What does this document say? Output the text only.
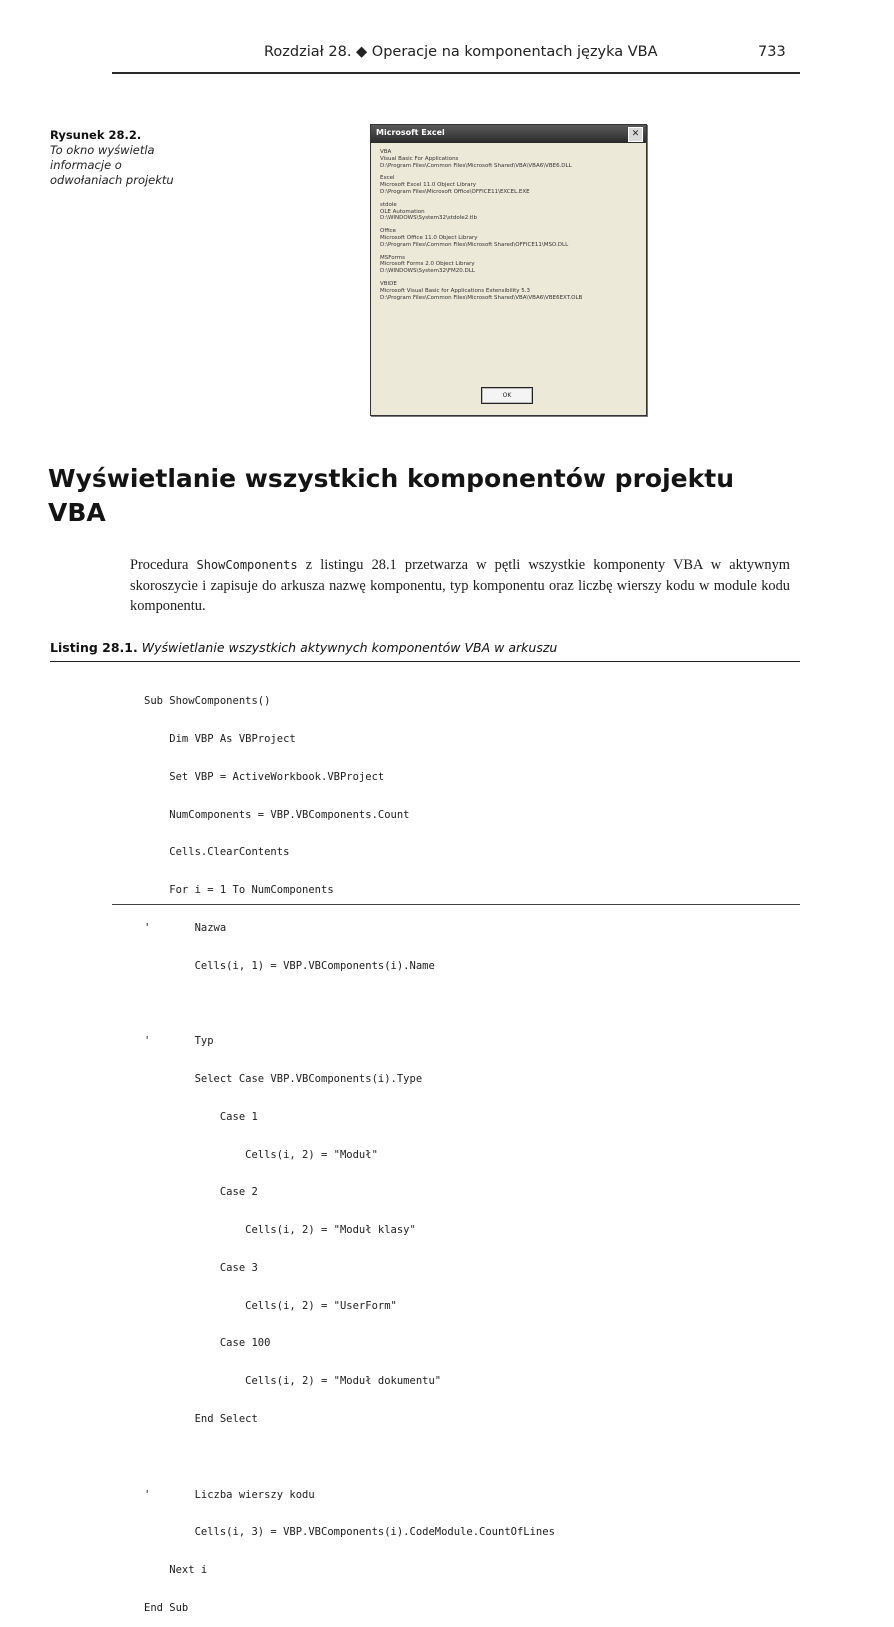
Rozdział 28. ◆ Operacje na komponentach języka VBA	733
Rysunek 28.2.
To okno wyświetla informacje o odwołaniach projektu
Microsoft Excel	✕
VBA
Visual Basic For Applications
D:\Program Files\Common Files\Microsoft Shared\VBA\VBA6\VBE6.DLL
Excel
Microsoft Excel 11.0 Object Library
D:\Program Files\Microsoft Office\OFFICE11\EXCEL.EXE
stdole
OLE Automation
D:\WINDOWS\System32\stdole2.tlb
Office
Microsoft Office 11.0 Object Library
D:\Program Files\Common Files\Microsoft Shared\OFFICE11\MSO.DLL
MSForms
Microsoft Forms 2.0 Object Library
D:\WINDOWS\System32\FM20.DLL
VBIDE
Microsoft Visual Basic for Applications Extensibility 5.3
D:\Program Files\Common Files\Microsoft Shared\VBA\VBA6\VBE6EXT.OLB
OK
Wyświetlanie wszystkich komponentów projektu VBA
Procedura ShowComponents z listingu 28.1 przetwarza w pętli wszystkie komponenty VBA w aktywnym skoroszycie i zapisuje do arkusza nazwę komponentu, typ komponentu oraz liczbę wierszy kodu w module kodu komponentu.
Listing 28.1. Wyświetlanie wszystkich aktywnych komponentów VBA w arkuszu

Sub ShowComponents()

Dim VBP As VBProject

Set VBP = ActiveWorkbook.VBProject

NumComponents = VBP.VBComponents.Count

Cells.ClearContents

For i = 1 To NumComponents

'       Nazwa

Cells(i, 1) = VBP.VBComponents(i).Name

'       Typ

Select Case VBP.VBComponents(i).Type

Case 1

Cells(i, 2) = "Moduł"

Case 2

Cells(i, 2) = "Moduł klasy"

Case 3

Cells(i, 2) = "UserForm"

Case 100

Cells(i, 2) = "Moduł dokumentu"

End Select

'       Liczba wierszy kodu

Cells(i, 3) = VBP.VBComponents(i).CodeModule.CountOfLines

Next i

End Sub
